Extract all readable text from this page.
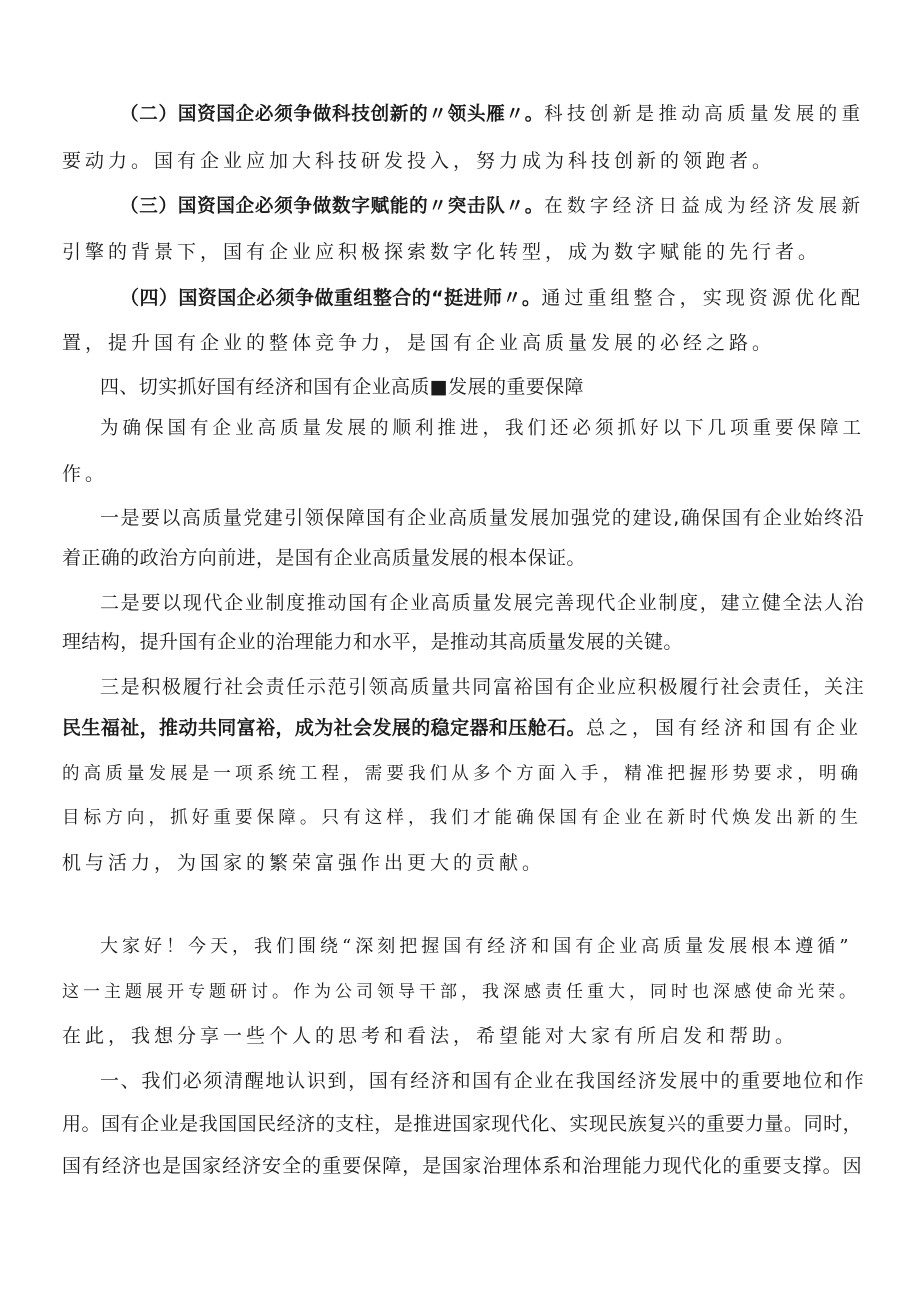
（二）国资国企必须争做科技创新的〃领头雁〃。科技创新是推动高质量发展的重
要动力。国有企业应加大科技研发投入，努力成为科技创新的领跑者。
（三）国资国企必须争做数字赋能的〃突击队〃。在数字经济日益成为经济发展新
引擎的背景下，国有企业应积极探索数字化转型，成为数字赋能的先行者。
（四）国资国企必须争做重组整合的“挺进师〃。通过重组整合，实现资源优化配
置，提升国有企业的整体竞争力，是国有企业高质量发展的必经之路。
四、切实抓好国有经济和国有企业高质■发展的重要保障
为确保国有企业高质量发展的顺利推进，我们还必须抓好以下几项重要保障工
作。
一是要以高质量党建引领保障国有企业高质量发展加强党的建设,确保国有企业始终沿
着正确的政治方向前进，是国有企业高质量发展的根本保证。
二是要以现代企业制度推动国有企业高质量发展完善现代企业制度，建立健全法人治
理结构，提升国有企业的治理能力和水平，是推动其高质量发展的关键。
三是积极履行社会责任示范引领高质量共同富裕国有企业应积极履行社会责任，关注
民生福祉，推动共同富裕，成为社会发展的稳定器和压舱石。总之，国有经济和国有企业
的高质量发展是一项系统工程，需要我们从多个方面入手，精准把握形势要求，明确
目标方向，抓好重要保障。只有这样，我们才能确保国有企业在新时代焕发出新的生
机与活力，为国家的繁荣富强作出更大的贡献。
大家好！今天，我们围绕“深刻把握国有经济和国有企业高质量发展根本遵循”
这一主题展开专题研讨。作为公司领导干部，我深感责任重大，同时也深感使命光荣。
在此，我想分享一些个人的思考和看法，希望能对大家有所启发和帮助。
一、我们必须清醒地认识到，国有经济和国有企业在我国经济发展中的重要地位和作
用。国有企业是我国国民经济的支柱，是推进国家现代化、实现民族复兴的重要力量。同时，
国有经济也是国家经济安全的重要保障，是国家治理体系和治理能力现代化的重要支撑。因
